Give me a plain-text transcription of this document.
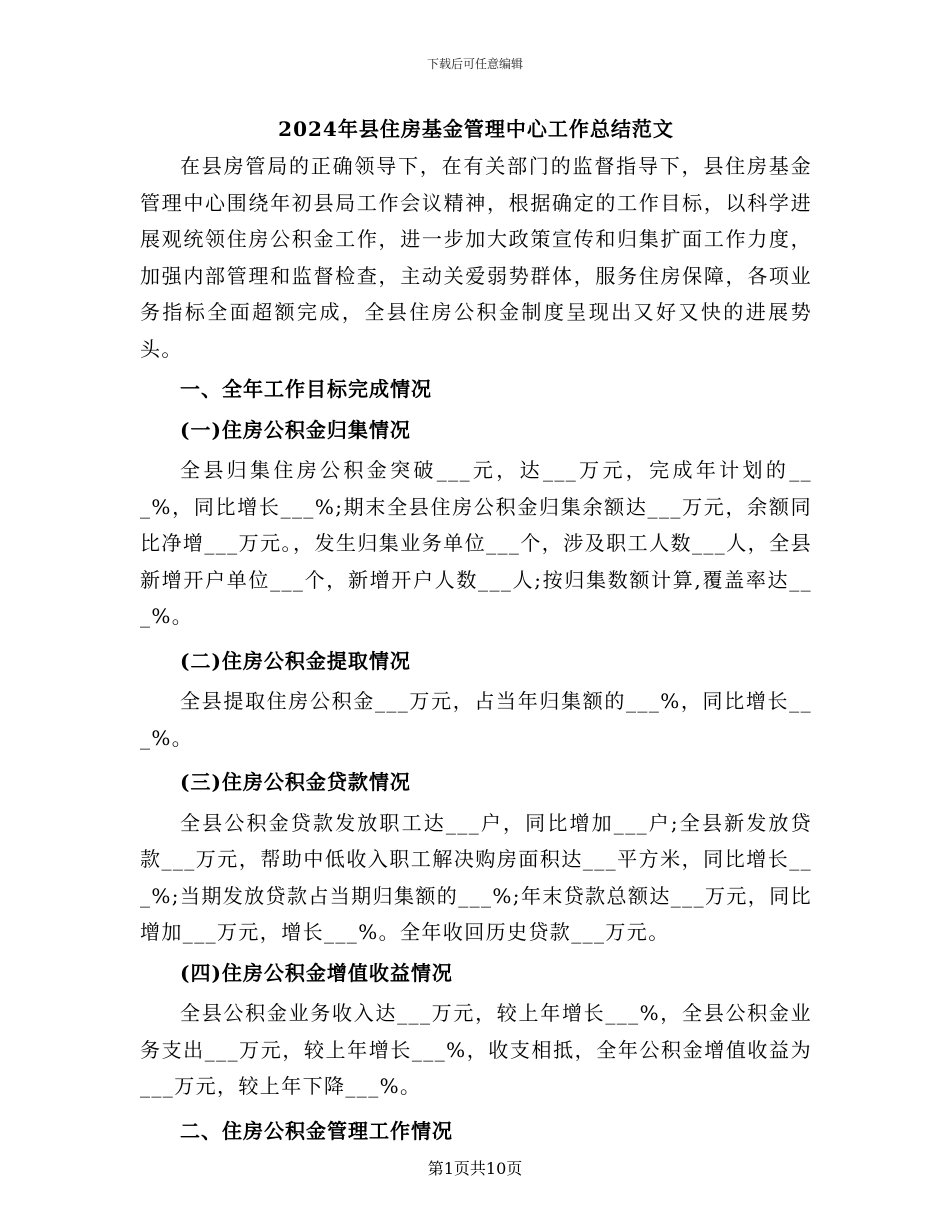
下载后可任意编辑
2024年县住房基金管理中心工作总结范文

在县房管局的正确领导下，在有关部门的监督指导下，县住房基金管理中心围绕年初县局工作会议精神，根据确定的工作目标，以科学进展观统领住房公积金工作，进一步加大政策宣传和归集扩面工作力度，加强内部管理和监督检查，主动关爱弱势群体，服务住房保障，各项业务指标全面超额完成，全县住房公积金制度呈现出又好又快的进展势头。

一、全年工作目标完成情况

(一)住房公积金归集情况

全县归集住房公积金突破___元，达___万元，完成年计划的___%，同比增长___%;期末全县住房公积金归集余额达___万元，余额同比净增___万元。，发生归集业务单位___个，涉及职工人数___人，全县新增开户单位___个，新增开户人数___人;按归集数额计算,覆盖率达___%。

(二)住房公积金提取情况

全县提取住房公积金___万元，占当年归集额的___%，同比增长___%。

(三)住房公积金贷款情况

全县公积金贷款发放职工达___户，同比增加___户;全县新发放贷款___万元，帮助中低收入职工解决购房面积达___平方米，同比增长___%;当期发放贷款占当期归集额的___%;年末贷款总额达___万元，同比增加___万元，增长___%。全年收回历史贷款___万元。

(四)住房公积金增值收益情况

全县公积金业务收入达___万元，较上年增长___%，全县公积金业务支出___万元，较上年增长___%，收支相抵，全年公积金增值收益为___万元，较上年下降___%。

二、住房公积金管理工作情况

第1页共10页
